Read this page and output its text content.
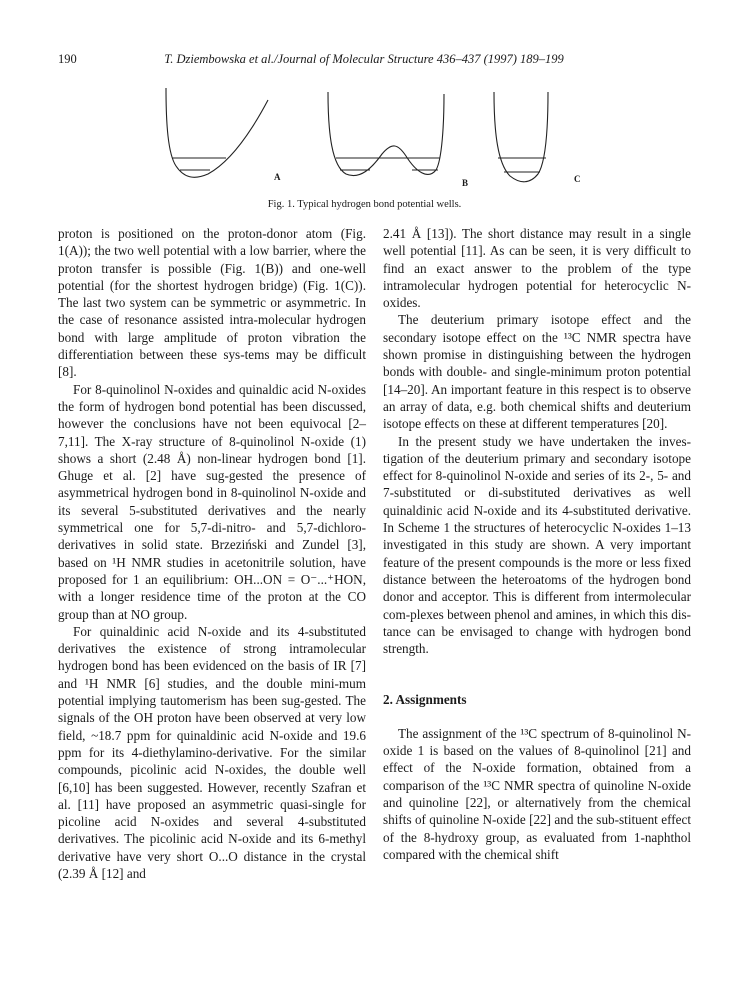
190	T. Dziembowska et al./Journal of Molecular Structure 436–437 (1997) 189–199
A
B	C
Fig. 1. Typical hydrogen bond potential wells.

proton is positioned on the proton-donor atom (Fig. 1(A)); the two well potential with a low barrier, where the proton transfer is possible (Fig. 1(B)) and one-well potential (for the shortest hydrogen bridge) (Fig. 1(C)). The last two system can be symmetric or asymmetric. In the case of resonance assisted intra-molecular hydrogen bond with large amplitude of proton vibration the differentiation between these sys-tems may be difficult [8].

For 8-quinolinol N-oxides and quinaldic acid N-oxides the form of hydrogen bond potential has been discussed, however the conclusions have not been equivocal [2–7,11]. The X-ray structure of 8-quinolinol N-oxide (1) shows a short (2.48 Å) non-linear hydrogen bond [1]. Ghuge et al. [2] have sug-gested the presence of asymmetrical hydrogen bond in 8-quinolinol N-oxide and its several 5-substituted derivatives and the nearly symmetrical one for 5,7-di-nitro- and 5,7-dichloro-derivatives in solid state. Brzeziński and Zundel [3], based on ¹H NMR studies in acetonitrile solution, have proposed for 1 an equilibrium: OH...ON = O⁻...⁺HON, with a longer residence time of the proton at the CO group than at NO group.

For quinaldinic acid N-oxide and its 4-substituted derivatives the existence of strong intramolecular hydrogen bond has been evidenced on the basis of IR [7] and ¹H NMR [6] studies, and the double mini-mum potential implying tautomerism has been sug-gested. The signals of the OH proton have been observed at very low field, ~18.7 ppm for quinaldinic acid N-oxide and 19.6 ppm for its 4-diethylamino-derivative. For the similar compounds, picolinic acid N-oxides, the double well [6,10] has been suggested. However, recently Szafran et al. [11] have proposed an asymmetric quasi-single for picoline acid N-oxides and several 4-substituted derivatives. The picolinic acid N-oxide and its 6-methyl derivative have very short O...O distance in the crystal (2.39 Å [12] and

2.41 Å [13]). The short distance may result in a single well potential [11]. As can be seen, it is very difficult to find an exact answer to the problem of the type intramolecular hydrogen potential for heterocyclic N-oxides.

The deuterium primary isotope effect and the secondary isotope effect on the ¹³C NMR spectra have shown promise in distinguishing between the hydrogen bonds with double- and single-minimum proton potential [14–20]. An important feature in this respect is to observe an array of data, e.g. both chemical shifts and deuterium isotope effects on these at different temperatures [20].

In the present study we have undertaken the inves-tigation of the deuterium primary and secondary isotope effect for 8-quinolinol N-oxide and series of its 2-, 5- and 7-substituted or di-substituted derivatives as well quinaldinic acid N-oxide and its 4-substituted derivative. In Scheme 1 the structures of heterocyclic N-oxides 1–13 investigated in this study are shown. A very important feature of the present compounds is the more or less fixed distance between the heteroatoms of the hydrogen bond donor and acceptor. This is different from intermolecular com-plexes between phenol and amines, in which this dis-tance can be envisaged to change with hydrogen bond strength.

2. Assignments

The assignment of the ¹³C spectrum of 8-quinolinol N-oxide 1 is based on the values of 8-quinolinol [21] and effect of the N-oxide formation, obtained from a comparison of the ¹³C NMR spectra of quinoline N-oxide and quinoline [22], or alternatively from the chemical shifts of quinoline N-oxide [22] and the sub-stituent effect of the 8-hydroxy group, as evaluated from 1-naphthol compared with the chemical shift
